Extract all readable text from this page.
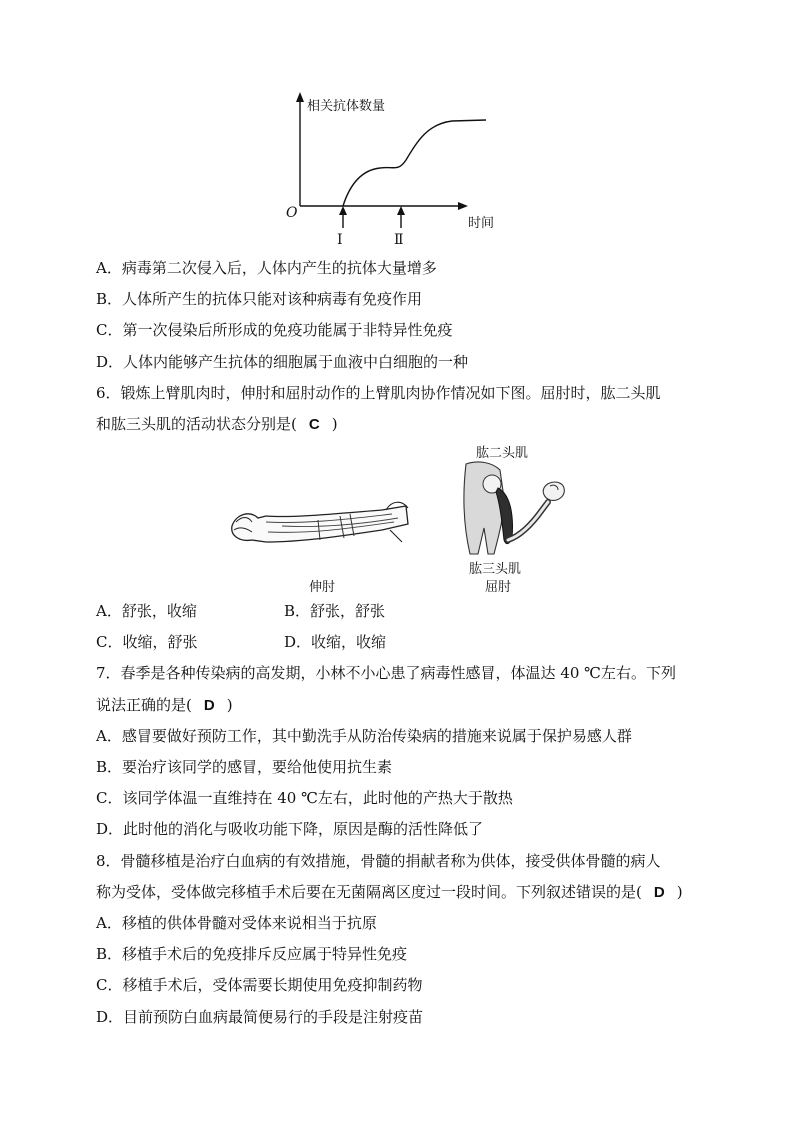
相关抗体数量
时间
O
Ⅰ	Ⅱ
A．病毒第二次侵入后，人体内产生的抗体大量增多
B．人体所产生的抗体只能对该种病毒有免疫作用
C．第一次侵染后所形成的免疫功能属于非特异性免疫
D．人体内能够产生抗体的细胞属于血液中白细胞的一种
6．锻炼上臂肌肉时，伸肘和屈肘动作的上臂肌肉协作情况如下图。屈肘时，肱二头肌
和肱三头肌的活动状态分别是( C )
肱二头肌
肱三头肌
屈肘
伸肘
A．舒张，收缩	B．舒张，舒张
C．收缩，舒张	D．收缩，收缩
7．春季是各种传染病的高发期，小林不小心患了病毒性感冒，体温达 40 ℃左右。下列
说法正确的是( D )
A．感冒要做好预防工作，其中勤洗手从防治传染病的措施来说属于保护易感人群
B．要治疗该同学的感冒，要给他使用抗生素
C．该同学体温一直维持在 40 ℃左右，此时他的产热大于散热
D．此时他的消化与吸收功能下降，原因是酶的活性降低了
8．骨髓移植是治疗白血病的有效措施，骨髓的捐献者称为供体，接受供体骨髓的病人
称为受体，受体做完移植手术后要在无菌隔离区度过一段时间。下列叙述错误的是( D )
A．移植的供体骨髓对受体来说相当于抗原
B．移植手术后的免疫排斥反应属于特异性免疫
C．移植手术后，受体需要长期使用免疫抑制药物
D．目前预防白血病最简便易行的手段是注射疫苗
